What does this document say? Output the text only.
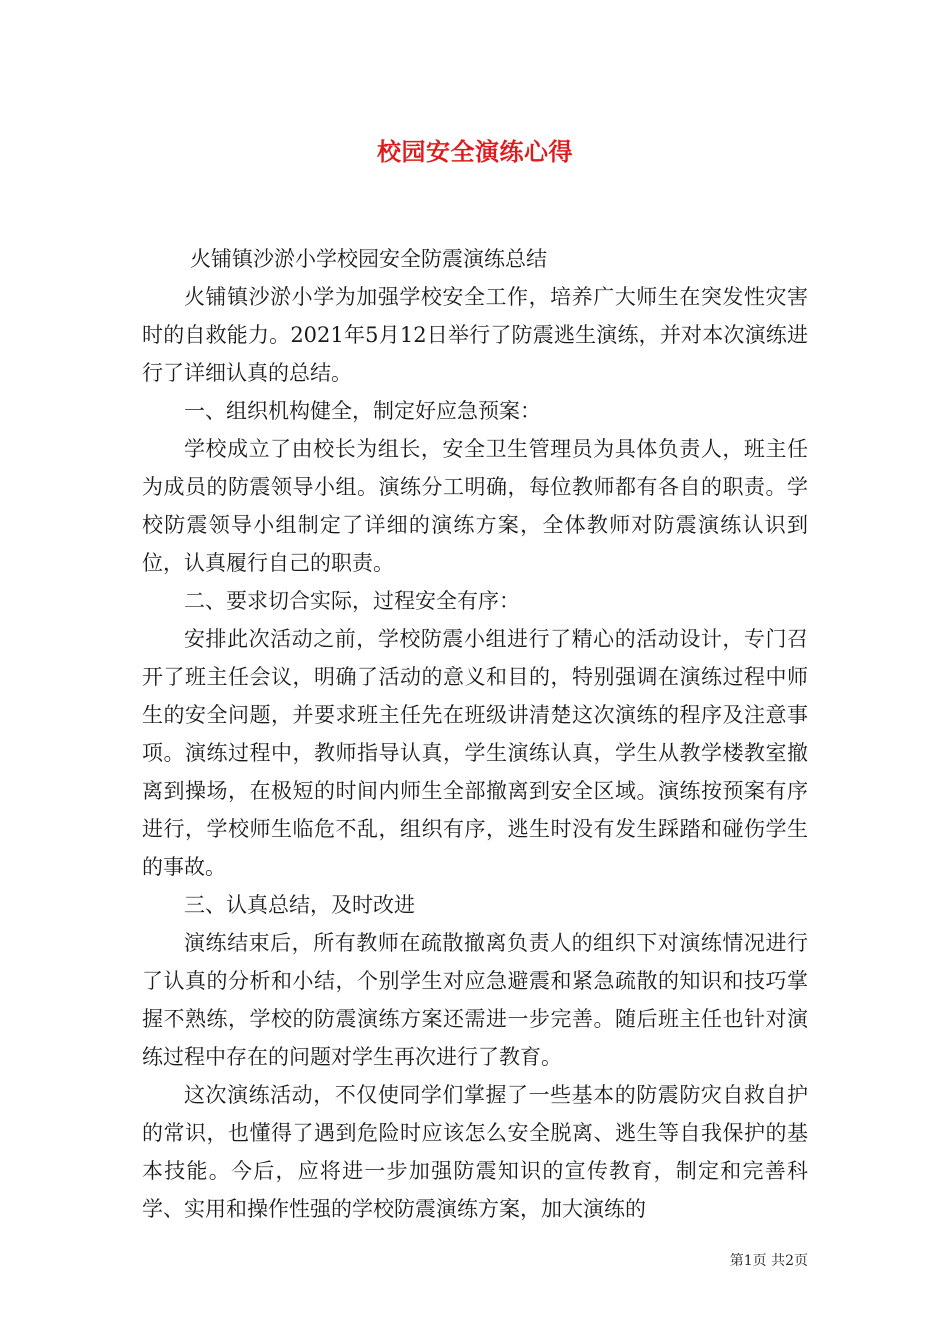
校园安全演练心得

火铺镇沙淤小学校园安全防震演练总结

火铺镇沙淤小学为加强学校安全工作，培养广大师生在突发性灾害时的自救能力。2021年5月12日举行了防震逃生演练，并对本次演练进行了详细认真的总结。

一、组织机构健全，制定好应急预案：

学校成立了由校长为组长，安全卫生管理员为具体负责人，班主任为成员的防震领导小组。演练分工明确，每位教师都有各自的职责。学校防震领导小组制定了详细的演练方案，全体教师对防震演练认识到位，认真履行自己的职责。

二、要求切合实际，过程安全有序：

安排此次活动之前，学校防震小组进行了精心的活动设计，专门召开了班主任会议，明确了活动的意义和目的，特别强调在演练过程中师生的安全问题，并要求班主任先在班级讲清楚这次演练的程序及注意事项。演练过程中，教师指导认真，学生演练认真，学生从教学楼教室撤离到操场，在极短的时间内师生全部撤离到安全区域。演练按预案有序进行，学校师生临危不乱，组织有序，逃生时没有发生踩踏和碰伤学生的事故。

三、认真总结，及时改进

演练结束后，所有教师在疏散撤离负责人的组织下对演练情况进行了认真的分析和小结，个别学生对应急避震和紧急疏散的知识和技巧掌握不熟练，学校的防震演练方案还需进一步完善。随后班主任也针对演练过程中存在的问题对学生再次进行了教育。

这次演练活动，不仅使同学们掌握了一些基本的防震防灾自救自护的常识，也懂得了遇到危险时应该怎么安全脱离、逃生等自我保护的基本技能。今后，应将进一步加强防震知识的宣传教育，制定和完善科学、实用和操作性强的学校防震演练方案，加大演练的

第1页 共2页
